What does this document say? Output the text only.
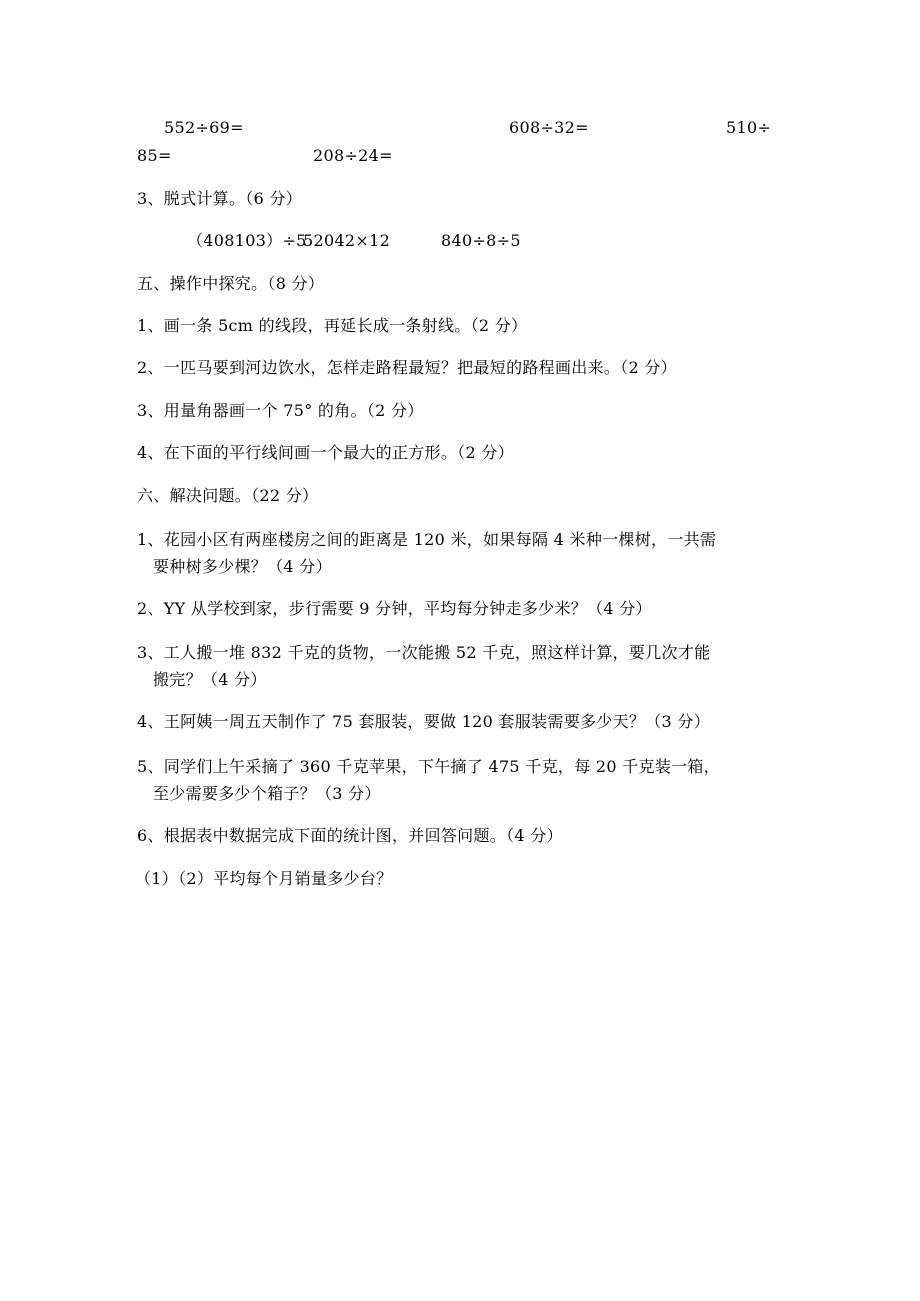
552÷69=	608÷32=	510÷
85=	208÷24=
3、脱式计算。（6 分）
（408103）÷5
52042×12	840÷8÷5
五、操作中探究。（8 分）
1、画一条 5cm 的线段，再延长成一条射线。（2 分）
2、一匹马要到河边饮水，怎样走路程最短？把最短的路程画出来。（2 分）
3、用量角器画一个 75° 的角。（2 分）
4、在下面的平行线间画一个最大的正方形。（2 分）
六、解决问题。（22 分）
1、花园小区有两座楼房之间的距离是 120 米，如果每隔 4 米种一棵树，一共需
要种树多少棵？（4 分）
2、YY 从学校到家，步行需要 9 分钟，平均每分钟走多少米？（4 分）
3、工人搬一堆 832 千克的货物，一次能搬 52 千克，照这样计算，要几次才能
搬完？（4 分）
4、王阿姨一周五天制作了 75 套服装，要做 120 套服装需要多少天？（3 分）
5、同学们上午采摘了 360 千克苹果，下午摘了 475 千克，每 20 千克装一箱，
至少需要多少个箱子？（3 分）
6、根据表中数据完成下面的统计图，并回答问题。（4 分）
（1）（2）平均每个月销量多少台？
